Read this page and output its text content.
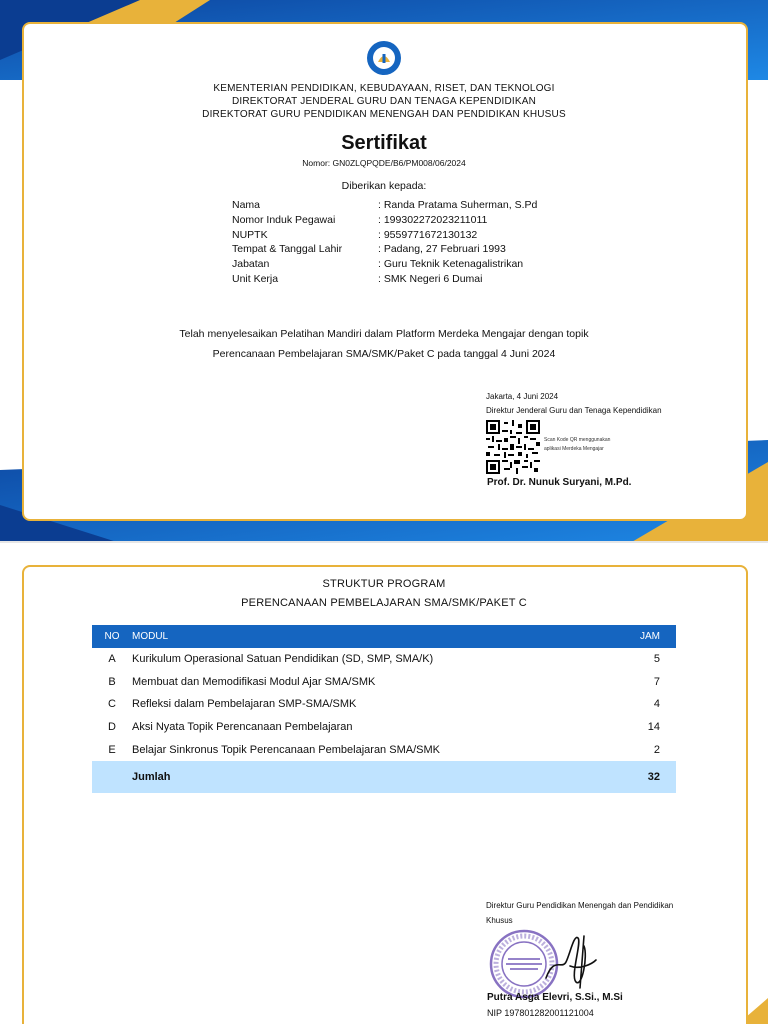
KEMENTERIAN PENDIDIKAN, KEBUDAYAAN, RISET, DAN TEKNOLOGI
DIREKTORAT JENDERAL GURU DAN TENAGA KEPENDIDIKAN
DIREKTORAT GURU PENDIDIKAN MENENGAH DAN PENDIDIKAN KHUSUS
Sertifikat
Nomor: GN0ZLQPQDE/B6/PM008/06/2024
Diberikan kepada:
Nama	: Randa Pratama Suherman, S.Pd
Nomor Induk Pegawai	: 199302272023211011
NUPTK	: 9559771672130132
Tempat & Tanggal Lahir	: Padang, 27 Februari 1993
Jabatan	: Guru Teknik Ketenagalistrikan
Unit Kerja	: SMK Negeri 6 Dumai
Telah menyelesaikan Pelatihan Mandiri dalam Platform Merdeka Mengajar dengan topik
Perencanaan Pembelajaran SMA/SMK/Paket C pada tanggal 4 Juni 2024
Jakarta, 4 Juni 2024
Direktur Jenderal Guru dan Tenaga Kependidikan
Scan Kode QR menggunakan
aplikasi Merdeka Mengajar
Prof. Dr. Nunuk Suryani, M.Pd.
STRUKTUR PROGRAM
PERENCANAAN PEMBELAJARAN SMA/SMK/PAKET C
NO	MODUL	JAM
A	Kurikulum Operasional Satuan Pendidikan (SD, SMP, SMA/K)	5
B	Membuat dan Memodifikasi Modul Ajar SMA/SMK	7
C	Refleksi dalam Pembelajaran SMP-SMA/SMK	4
D	Aksi Nyata Topik Perencanaan Pembelajaran	14
E	Belajar Sinkronus Topik Perencanaan Pembelajaran SMA/SMK	2
	Jumlah	32
Direktur Guru Pendidikan Menengah dan Pendidikan
Khusus
Putra Asga Elevri, S.Si., M.Si
NIP 197801282001121004
